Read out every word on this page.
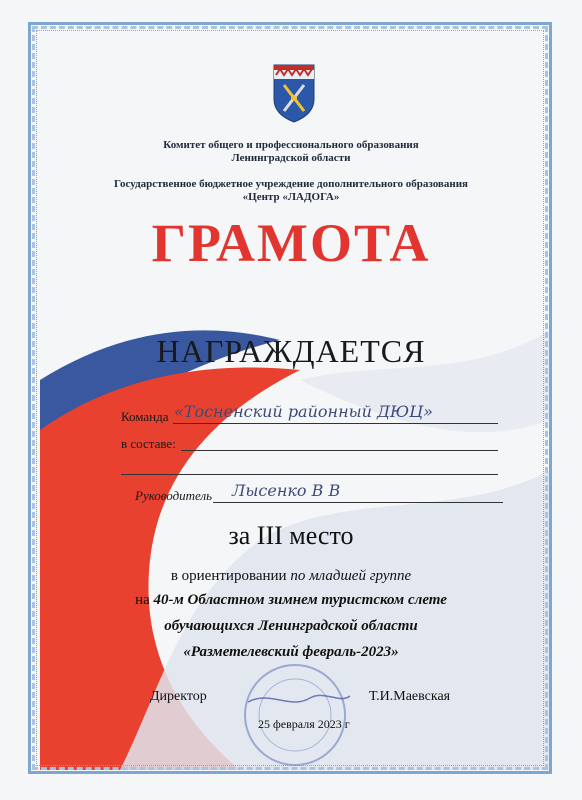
Комитет общего и профессионального образования
Ленинградской области
Государственное бюджетное учреждение дополнительного образования
«Центр «ЛАДОГА»
ГРАМОТА
НАГРАЖДАЕТСЯ
Команда «Тосненский районный ДЮЦ»
в составе:
Руководитель Лысенко В В
за III место
в ориентировании по младшей группе
на 40-м Областном зимнем туристском слете
обучающихся Ленинградской области
«Разметелевский февраль-2023»
Директор	Т.И.Маевская
25 февраля 2023 г
